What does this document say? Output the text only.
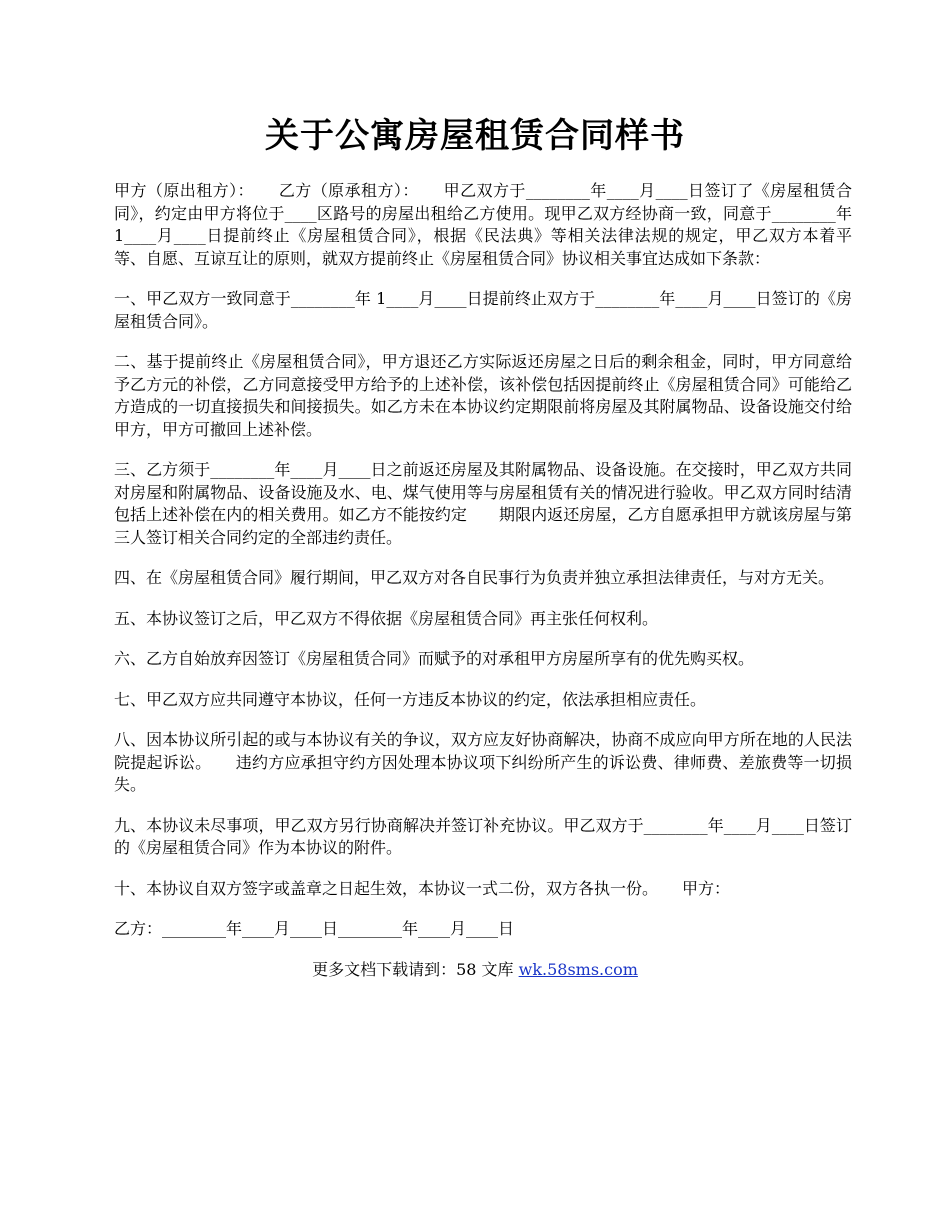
关于公寓房屋租赁合同样书

甲方（原出租方）：　　乙方（原承租方）：　　甲乙双方于________年____月____日签订了《房屋租赁合同》，约定由甲方将位于____区路号的房屋出租给乙方使用。现甲乙双方经协商一致，同意于________年 1____月____日提前终止《房屋租赁合同》，根据《民法典》等相关法律法规的规定，甲乙双方本着平等、自愿、互谅互让的原则，就双方提前终止《房屋租赁合同》协议相关事宜达成如下条款：

一、甲乙双方一致同意于________年 1____月____日提前终止双方于________年____月____日签订的《房屋租赁合同》。

二、基于提前终止《房屋租赁合同》，甲方退还乙方实际返还房屋之日后的剩余租金，同时，甲方同意给予乙方元的补偿，乙方同意接受甲方给予的上述补偿，该补偿包括因提前终止《房屋租赁合同》可能给乙方造成的一切直接损失和间接损失。如乙方未在本协议约定期限前将房屋及其附属物品、设备设施交付给甲方，甲方可撤回上述补偿。

三、乙方须于________年____月____日之前返还房屋及其附属物品、设备设施。在交接时，甲乙双方共同对房屋和附属物品、设备设施及水、电、煤气使用等与房屋租赁有关的情况进行验收。甲乙双方同时结清包括上述补偿在内的相关费用。如乙方不能按约定　　期限内返还房屋，乙方自愿承担甲方就该房屋与第三人签订相关合同约定的全部违约责任。

四、在《房屋租赁合同》履行期间，甲乙双方对各自民事行为负责并独立承担法律责任，与对方无关。

五、本协议签订之后，甲乙双方不得依据《房屋租赁合同》再主张任何权利。

六、乙方自始放弃因签订《房屋租赁合同》而赋予的对承租甲方房屋所享有的优先购买权。

七、甲乙双方应共同遵守本协议，任何一方违反本协议的约定，依法承担相应责任。

八、因本协议所引起的或与本协议有关的争议，双方应友好协商解决，协商不成应向甲方所在地的人民法院提起诉讼。　　违约方应承担守约方因处理本协议项下纠纷所产生的诉讼费、律师费、差旅费等一切损失。

九、本协议未尽事项，甲乙双方另行协商解决并签订补充协议。甲乙双方于________年____月____日签订的《房屋租赁合同》作为本协议的附件。

十、本协议自双方签字或盖章之日起生效，本协议一式二份，双方各执一份。　　甲方：

乙方：________年____月____日________年____月____日

更多文档下载请到：58 文库 wk.58sms.com
